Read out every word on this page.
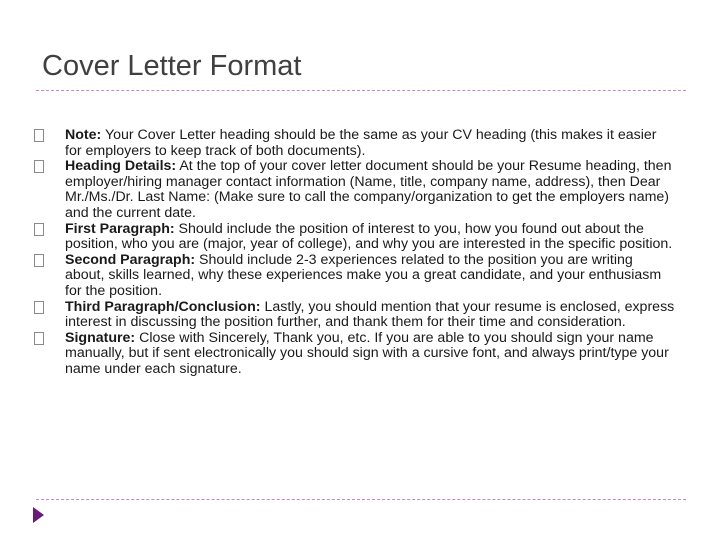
Cover Letter Format
Note: Your Cover Letter heading should be the same as your CV heading (this makes it easier for employers to keep track of both documents).
Heading Details: At the top of your cover letter document should be your Resume heading, then employer/hiring manager contact information (Name, title, company name, address), then Dear Mr./Ms./Dr. Last Name: (Make sure to call the company/organization to get the employers name) and the current date.
First Paragraph: Should include the position of interest to you, how you found out about the position, who you are (major, year of college), and why you are interested in the specific position.
Second Paragraph: Should include 2-3 experiences related to the position you are writing about, skills learned, why these experiences make you a great candidate, and your enthusiasm for the position.
Third Paragraph/Conclusion: Lastly, you should mention that your resume is enclosed, express interest in discussing the position further, and thank them for their time and consideration.
Signature: Close with Sincerely, Thank you, etc. If you are able to you should sign your name manually, but if sent electronically you should sign with a cursive font, and always print/type your name under each signature.
